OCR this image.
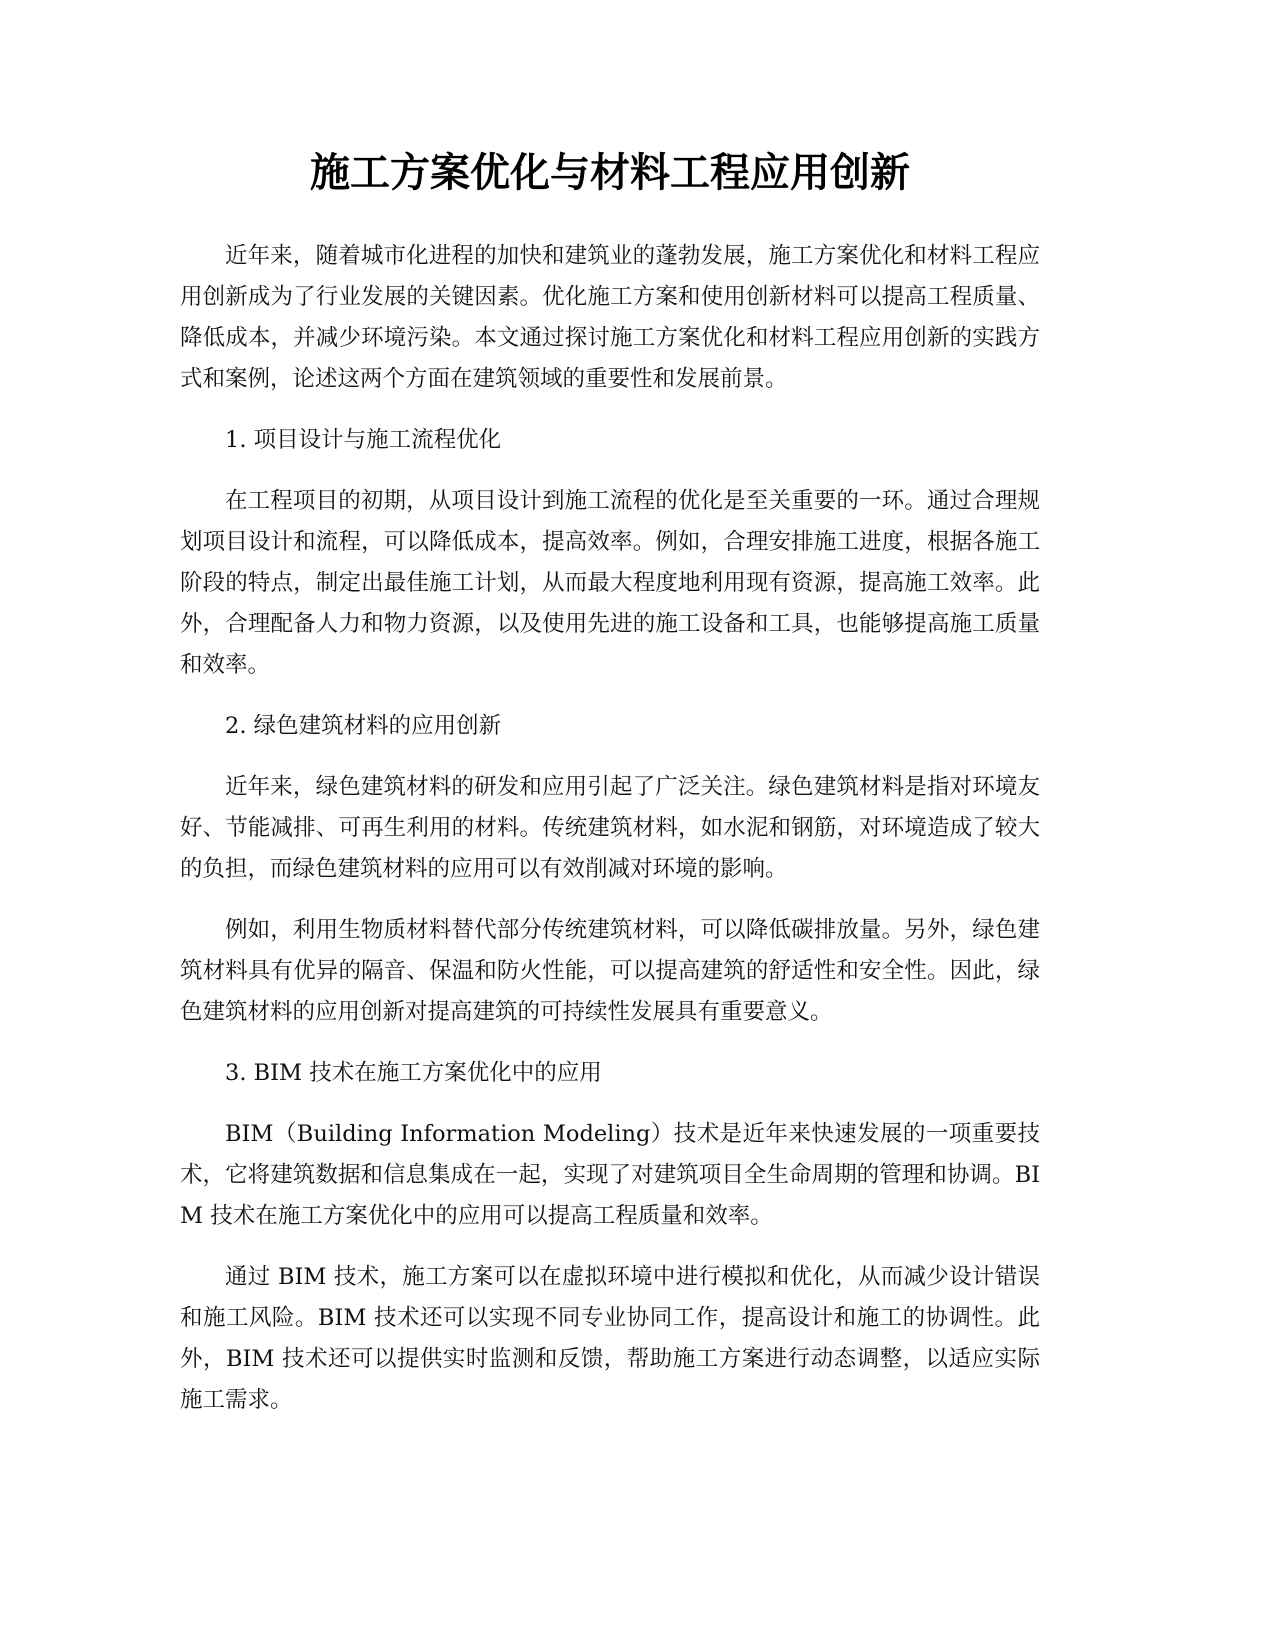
施工方案优化与材料工程应用创新

近年来，随着城市化进程的加快和建筑业的蓬勃发展，施工方案优化和材料工程应用创新成为了行业发展的关键因素。优化施工方案和使用创新材料可以提高工程质量、降低成本，并减少环境污染。本文通过探讨施工方案优化和材料工程应用创新的实践方式和案例，论述这两个方面在建筑领域的重要性和发展前景。

1. 项目设计与施工流程优化

在工程项目的初期，从项目设计到施工流程的优化是至关重要的一环。通过合理规划项目设计和流程，可以降低成本，提高效率。例如，合理安排施工进度，根据各施工阶段的特点，制定出最佳施工计划，从而最大程度地利用现有资源，提高施工效率。此外，合理配备人力和物力资源，以及使用先进的施工设备和工具，也能够提高施工质量和效率。

2. 绿色建筑材料的应用创新

近年来，绿色建筑材料的研发和应用引起了广泛关注。绿色建筑材料是指对环境友好、节能减排、可再生利用的材料。传统建筑材料，如水泥和钢筋，对环境造成了较大的负担，而绿色建筑材料的应用可以有效削减对环境的影响。

例如，利用生物质材料替代部分传统建筑材料，可以降低碳排放量。另外，绿色建筑材料具有优异的隔音、保温和防火性能，可以提高建筑的舒适性和安全性。因此，绿色建筑材料的应用创新对提高建筑的可持续性发展具有重要意义。

3. BIM 技术在施工方案优化中的应用

BIM（Building Information Modeling）技术是近年来快速发展的一项重要技术，它将建筑数据和信息集成在一起，实现了对建筑项目全生命周期的管理和协调。BIM 技术在施工方案优化中的应用可以提高工程质量和效率。

通过 BIM 技术，施工方案可以在虚拟环境中进行模拟和优化，从而减少设计错误和施工风险。BIM 技术还可以实现不同专业协同工作，提高设计和施工的协调性。此外，BIM 技术还可以提供实时监测和反馈，帮助施工方案进行动态调整，以适应实际施工需求。
